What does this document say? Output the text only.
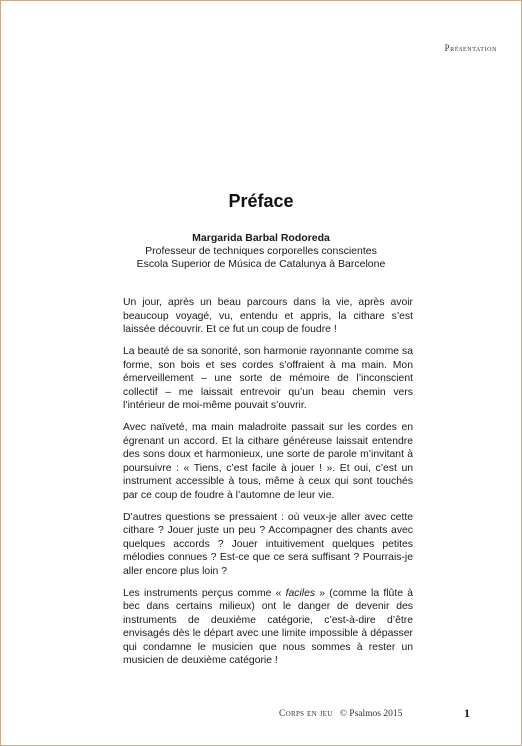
Présentation
Préface
Margarida Barbal Rodoreda
Professeur de techniques corporelles conscientes
Escola Superior de Música de Catalunya à Barcelone

Un jour, après un beau parcours dans la vie, après avoir beaucoup voyagé, vu, entendu et appris, la cithare s’est laissée découvrir. Et ce fut un coup de foudre !

La beauté de sa sonorité, son harmonie rayonnante comme sa forme, son bois et ses cordes s’offraient à ma main. Mon émerveillement – une sorte de mémoire de l’inconscient collectif – me laissait entrevoir qu’un beau chemin vers l’intérieur de moi-même pouvait s’ouvrir.

Avec naïveté, ma main maladroite passait sur les cordes en égrenant un accord. Et la cithare généreuse laissait entendre des sons doux et harmonieux, une sorte de parole m’invitant à poursuivre : « Tiens, c’est facile à jouer ! ». Et oui, c’est un instrument accessible à tous, même à ceux qui sont touchés par ce coup de foudre à l’automne de leur vie.

D’autres questions se pressaient : où veux-je aller avec cette cithare ? Jouer juste un peu ? Accompagner des chants avec quelques accords ? Jouer intuitivement quelques petites mélodies connues ? Est-ce que ce sera suffisant ? Pourrais-je aller encore plus loin ?

Les instruments perçus comme « faciles » (comme la flûte à bec dans certains milieux) ont le danger de devenir des instruments de deuxième catégorie, c’est-à-dire d’être envisagés dès le départ avec une limite impossible à dépasser qui condamne le musicien que nous sommes à rester un musicien de deuxième catégorie !

Corps en jeu © Psalmos 2015	1
